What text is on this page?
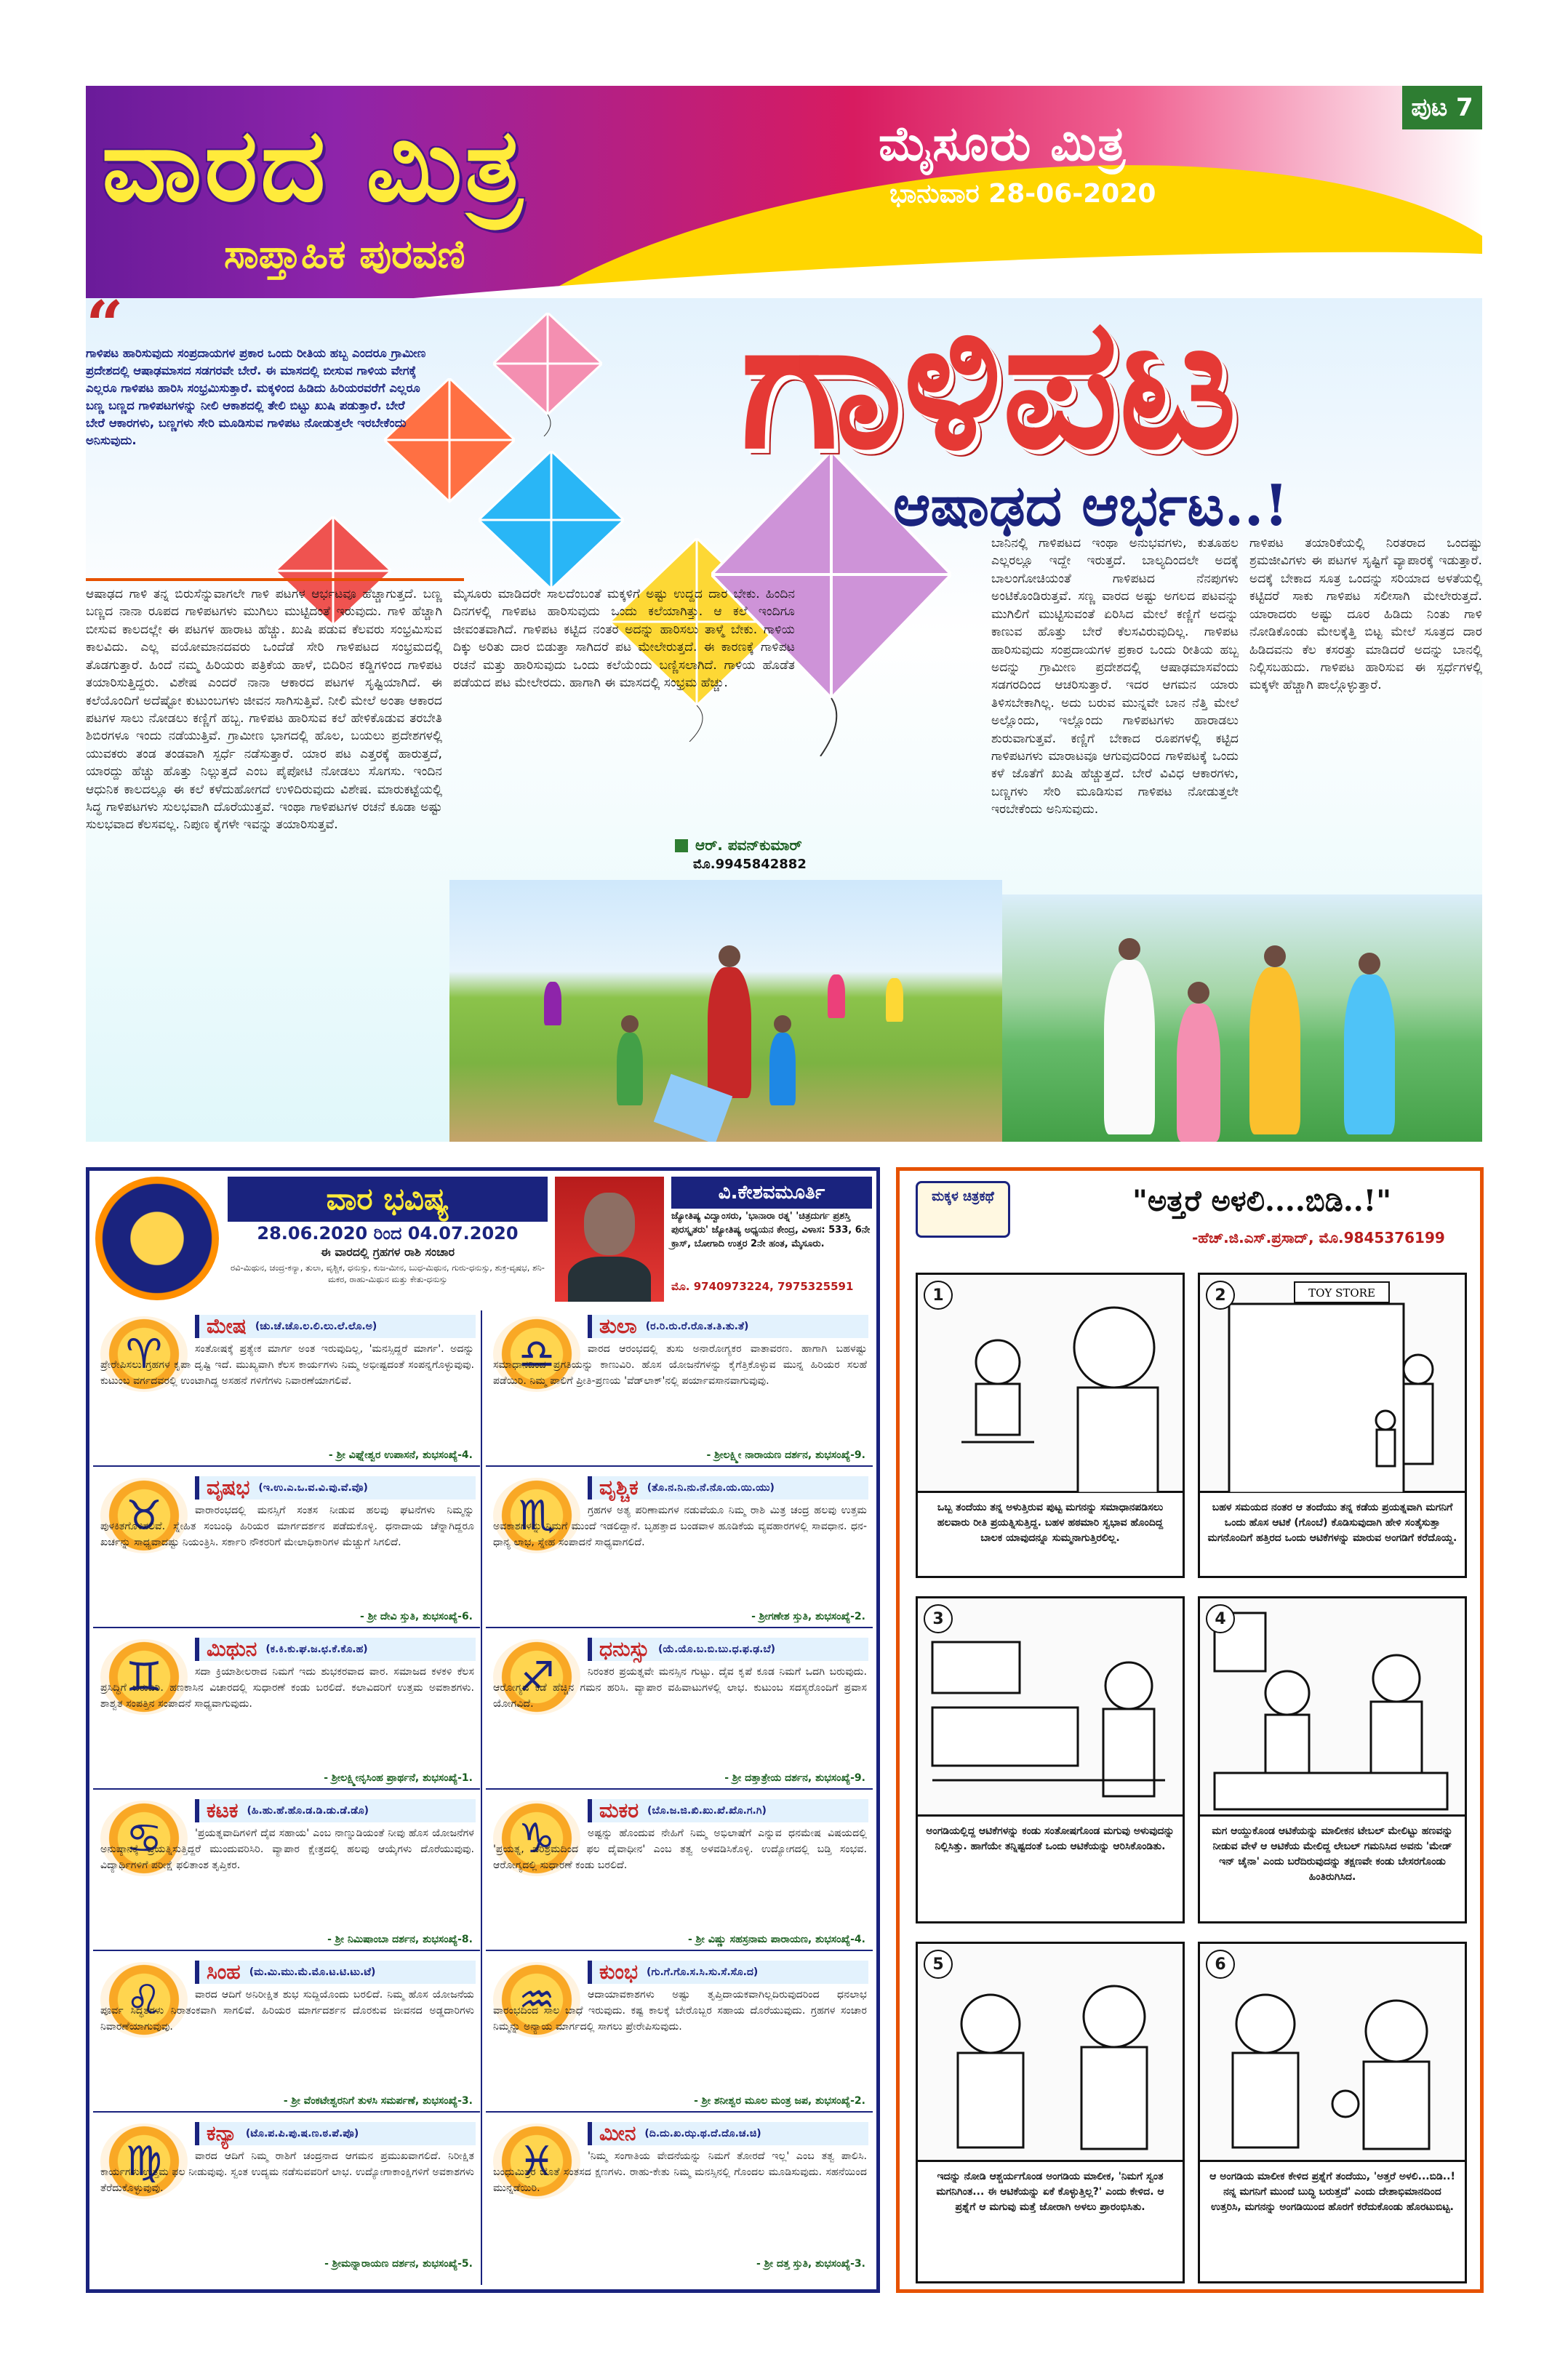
ವಾರದ ಮಿತ್ರ
ಸಾಪ್ತಾಹಿಕ ಪುರವಣಿ
ಮೈಸೂರು ಮಿತ್ರ
ಭಾನುವಾರ 28-06-2020
ಪುಟ 7
ಗಾಳಿಪಟ
ಆಷಾಢದ ಆರ್ಭಟ..!
“
ಗಾಳಿಪಟ ಹಾರಿಸುವುದು ಸಂಪ್ರದಾಯಗಳ ಪ್ರಕಾರ ಒಂದು ರೀತಿಯ ಹಬ್ಬ ಎಂದರೂ ಗ್ರಾಮೀಣ ಪ್ರದೇಶದಲ್ಲಿ ಆಷಾಢಮಾಸದ ಸಡಗರವೇ ಬೇರೆ. ಈ ಮಾಸದಲ್ಲಿ ಬೀಸುವ ಗಾಳಿಯ ವೇಗಕ್ಕೆ ಎಲ್ಲರೂ ಗಾಳಿಪಟ ಹಾರಿಸಿ ಸಂಭ್ರಮಿಸುತ್ತಾರೆ. ಮಕ್ಕಳಿಂದ ಹಿಡಿದು ಹಿರಿಯರವರೆಗೆ ಎಲ್ಲರೂ ಬಣ್ಣ ಬಣ್ಣದ ಗಾಳಿಪಟಗಳನ್ನು ನೀಲಿ ಆಕಾಶದಲ್ಲಿ ತೇಲಿ ಬಿಟ್ಟು ಖುಷಿ ಪಡುತ್ತಾರೆ. ಬೇರೆ ಬೇರೆ ಆಕಾರಗಳು, ಬಣ್ಣಗಳು ಸೇರಿ ಮೂಡಿಸುವ ಗಾಳಿಪಟ ನೋಡುತ್ತಲೇ ಇರಬೇಕೆಂದು ಅನಿಸುವುದು.
ಆಷಾಢದ ಗಾಳಿ ತನ್ನ ಬಿರುಸೆನ್ನುವಾಗಲೇ ಗಾಳಿ ಪಟಗಳ ಆರ್ಭಟವೂ ಹೆಚ್ಚಾಗುತ್ತದೆ. ಬಣ್ಣ ಬಣ್ಣದ ನಾನಾ ರೂಪದ ಗಾಳಿಪಟಗಳು ಮುಗಿಲು ಮುಟ್ಟಿದಂತೆ ಇರುವುದು. ಗಾಳಿ ಹೆಚ್ಚಾಗಿ ಬೀಸುವ ಕಾಲದಲ್ಲೇ ಈ ಪಟಗಳ ಹಾರಾಟ ಹೆಚ್ಚು. ಖುಷಿ ಪಡುವ ಕೆಲವರು ಸಂಭ್ರಮಿಸುವ ಕಾಲವಿದು. ಎಲ್ಲ ವಯೋಮಾನದವರು ಒಂದೆಡೆ ಸೇರಿ ಗಾಳಿಪಟದ ಸಂಭ್ರಮದಲ್ಲಿ ತೊಡಗುತ್ತಾರೆ. ಹಿಂದೆ ನಮ್ಮ ಹಿರಿಯರು ಪತ್ರಿಕೆಯ ಹಾಳೆ, ಬಿದಿರಿನ ಕಡ್ಡಿಗಳಿಂದ ಗಾಳಿಪಟ ತಯಾರಿಸುತ್ತಿದ್ದರು. ವಿಶೇಷ ಎಂದರೆ ನಾನಾ ಆಕಾರದ ಪಟಗಳ ಸೃಷ್ಟಿಯಾಗಿದೆ. ಈ ಕಲೆಯೊಂದಿಗೆ ಅದೆಷ್ಟೋ ಕುಟುಂಬಗಳು ಜೀವನ ಸಾಗಿಸುತ್ತಿವೆ. ನೀಲಿ ಮೇಲೆ ಅಂತಾ ಆಕಾರದ ಪಟಗಳ ಸಾಲು ನೋಡಲು ಕಣ್ಣಿಗೆ ಹಬ್ಬ. ಗಾಳಿಪಟ ಹಾರಿಸುವ ಕಲೆ ಹೇಳಿಕೊಡುವ ತರಬೇತಿ ಶಿಬಿರಗಳೂ ಇಂದು ನಡೆಯುತ್ತಿವೆ. ಗ್ರಾಮೀಣ ಭಾಗದಲ್ಲಿ ಹೊಲ, ಬಯಲು ಪ್ರದೇಶಗಳಲ್ಲಿ ಯುವಕರು ತಂಡ ತಂಡವಾಗಿ ಸ್ಪರ್ಧೆ ನಡೆಸುತ್ತಾರೆ. ಯಾರ ಪಟ ಎತ್ತರಕ್ಕೆ ಹಾರುತ್ತದೆ, ಯಾರದ್ದು ಹೆಚ್ಚು ಹೊತ್ತು ನಿಲ್ಲುತ್ತದೆ ಎಂಬ ಪೈಪೋಟಿ ನೋಡಲು ಸೊಗಸು. ಇಂದಿನ ಆಧುನಿಕ ಕಾಲದಲ್ಲೂ ಈ ಕಲೆ ಕಳೆದುಹೋಗದೆ ಉಳಿದಿರುವುದು ವಿಶೇಷ. ಮಾರುಕಟ್ಟೆಯಲ್ಲಿ ಸಿದ್ಧ ಗಾಳಿಪಟಗಳು ಸುಲಭವಾಗಿ ದೊರೆಯುತ್ತವೆ. ಇಂಥಾ ಗಾಳಿಪಟಗಳ ರಚನೆ ಕೂಡಾ ಅಷ್ಟು ಸುಲಭವಾದ ಕೆಲಸವಲ್ಲ. ನಿಪುಣ ಕೈಗಳೇ ಇವನ್ನು ತಯಾರಿಸುತ್ತವೆ.
ಮೈಸೂರು ಮಾಡಿದರೇ ಸಾಲದೆಂಬಂತೆ ಮಕ್ಕಳಿಗೆ ಅಷ್ಟು ಉದ್ದದ ದಾರ ಬೇಕು. ಹಿಂದಿನ ದಿನಗಳಲ್ಲಿ ಗಾಳಿಪಟ ಹಾರಿಸುವುದು ಒಂದು ಕಲೆಯಾಗಿತ್ತು. ಆ ಕಲೆ ಇಂದಿಗೂ ಜೀವಂತವಾಗಿದೆ. ಗಾಳಿಪಟ ಕಟ್ಟಿದ ನಂತರ ಅದನ್ನು ಹಾರಿಸಲು ತಾಳ್ಮೆ ಬೇಕು. ಗಾಳಿಯ ದಿಕ್ಕು ಅರಿತು ದಾರ ಬಿಡುತ್ತಾ ಸಾಗಿದರೆ ಪಟ ಮೇಲೇರುತ್ತದೆ. ಈ ಕಾರಣಕ್ಕೆ ಗಾಳಿಪಟ ರಚನೆ ಮತ್ತು ಹಾರಿಸುವುದು ಒಂದು ಕಲೆಯೆಂದು ಬಣ್ಣಿಸಲಾಗಿದೆ. ಗಾಳಿಯ ಹೊಡೆತ ಪಡೆಯದ ಪಟ ಮೇಲೇರದು. ಹಾಗಾಗಿ ಈ ಮಾಸದಲ್ಲಿ ಸಂಭ್ರಮ ಹೆಚ್ಚು.
ಬಾನಿನಲ್ಲಿ ಗಾಳಿಪಟದ ಇಂಥಾ ಅನುಭವಗಳು, ಕುತೂಹಲ ಎಲ್ಲರಲ್ಲೂ ಇದ್ದೇ ಇರುತ್ತದೆ. ಬಾಲ್ಯದಿಂದಲೇ ಅದಕ್ಕೆ ಬಾಲಂಗೋಚಿಯಂತೆ ಗಾಳಿಪಟದ ನೆನಪುಗಳು ಅಂಟಿಕೊಂಡಿರುತ್ತವೆ. ಸಣ್ಣ ವಾರದ ಅಷ್ಟು ಅಗಲದ ಪಟವನ್ನು ಮುಗಿಲಿಗೆ ಮುಟ್ಟಿಸುವಂತೆ ಏರಿಸಿದ ಮೇಲೆ ಕಣ್ಣಿಗೆ ಅದನ್ನು ಕಾಣುವ ಹೊತ್ತು ಬೇರೆ ಕೆಲಸವಿರುವುದಿಲ್ಲ. ಗಾಳಿಪಟ ಹಾರಿಸುವುದು ಸಂಪ್ರದಾಯಗಳ ಪ್ರಕಾರ ಒಂದು ರೀತಿಯ ಹಬ್ಬ ಅದನ್ನು ಗ್ರಾಮೀಣ ಪ್ರದೇಶದಲ್ಲಿ ಆಷಾಢಮಾಸವೆಂದು ಸಡಗರದಿಂದ ಆಚರಿಸುತ್ತಾರೆ. ಇದರ ಆಗಮನ ಯಾರು ತಿಳಿಸಬೇಕಾಗಿಲ್ಲ. ಅದು ಬರುವ ಮುನ್ನವೇ ಬಾನ ನೆತ್ತಿ ಮೇಲೆ ಅಲ್ಲೊಂದು, ಇಲ್ಲೊಂದು ಗಾಳಿಪಟಗಳು ಹಾರಾಡಲು ಶುರುವಾಗುತ್ತವೆ. ಕಣ್ಣಿಗೆ ಬೇಕಾದ ರೂಪಗಳಲ್ಲಿ ಕಟ್ಟಿದ ಗಾಳಿಪಟಗಳು ಮಾರಾಟವೂ ಆಗುವುದರಿಂದ ಗಾಳಿಪಟಕ್ಕೆ ಒಂದು ಕಳೆ ಜೊತೆಗೆ ಖುಷಿ ಹೆಚ್ಚುತ್ತದೆ. ಬೇರೆ ವಿವಿಧ ಆಕಾರಗಳು, ಬಣ್ಣಗಳು ಸೇರಿ ಮೂಡಿಸುವ ಗಾಳಿಪಟ ನೋಡುತ್ತಲೇ ಇರಬೇಕೆಂದು ಅನಿಸುವುದು.
ಗಾಳಿಪಟ ತಯಾರಿಕೆಯಲ್ಲಿ ನಿರತರಾದ ಒಂದಷ್ಟು ಶ್ರಮಜೀವಿಗಳು ಈ ಪಟಗಳ ಸೃಷ್ಟಿಗೆ ವ್ಯಾಪಾರಕ್ಕೆ ಇಡುತ್ತಾರೆ. ಅದಕ್ಕೆ ಬೇಕಾದ ಸೂತ್ರ ಒಂದನ್ನು ಸರಿಯಾದ ಅಳತೆಯಲ್ಲಿ ಕಟ್ಟಿದರೆ ಸಾಕು ಗಾಳಿಪಟ ಸಲೀಸಾಗಿ ಮೇಲೇರುತ್ತದೆ. ಯಾರಾದರು ಅಷ್ಟು ದೂರ ಹಿಡಿದು ನಿಂತು ಗಾಳಿ ನೋಡಿಕೊಂಡು ಮೇಲಕ್ಕೆತ್ತಿ ಬಿಟ್ಟ ಮೇಲೆ ಸೂತ್ರದ ದಾರ ಹಿಡಿದವನು ಕೆಲ ಕಸರತ್ತು ಮಾಡಿದರೆ ಅದನ್ನು ಬಾನಲ್ಲಿ ನಿಲ್ಲಿಸಬಹುದು. ಗಾಳಿಪಟ ಹಾರಿಸುವ ಈ ಸ್ಪರ್ಧೆಗಳಲ್ಲಿ ಮಕ್ಕಳೇ ಹೆಚ್ಚಾಗಿ ಪಾಲ್ಗೊಳ್ಳುತ್ತಾರೆ.
ಆರ್. ಪವನ್‌ಕುಮಾರ್
ಮೊ.9945842882
ವಾರ ಭವಿಷ್ಯ
28.06.2020 ರಿಂದ 04.07.2020
ಈ ವಾರದಲ್ಲಿ ಗ್ರಹಗಳ ರಾಶಿ ಸಂಚಾರ
ರವಿ-ಮಿಥುನ, ಚಂದ್ರ-ಕನ್ಯಾ, ತುಲಾ, ವೃಶ್ಚಿಕ, ಧನುಸ್ಸು, ಕುಜ-ಮೀನ, ಬುಧ-ಮಿಥುನ, ಗುರು-ಧನುಸ್ಸು, ಶುಕ್ರ-ವೃಷಭ, ಶನಿ-ಮಕರ, ರಾಹು-ಮಿಥುನ ಮತ್ತು ಕೇತು-ಧನುಸ್ಸು
ವಿ.ಕೇಶವಮೂರ್ತಿ
ಜ್ಯೋತಿಷ್ಯ ವಿದ್ವಾಂಸರು, 'ಭಾನಾರಾ ರತ್ನ' 'ಚಿತ್ರದುರ್ಗ ಪ್ರಶಸ್ತಿ ಪುರಸ್ಕೃತರು' ಜ್ಯೋತಿಷ್ಯ ಅಧ್ಯಯನ ಕೇಂದ್ರ, ವಿಳಾಸ: 533, 6ನೇ ಕ್ರಾಸ್, ಬೋಗಾದಿ ಉತ್ತರ 2ನೇ ಹಂತ, ಮೈಸೂರು.
ಮೊ. 9740973224, 7975325591
♈
ಮೇಷ (ಚು.ಚೆ.ಚೊ.ಲ.ಲಿ.ಲು.ಲೆ.ಲೊ.ಅ)
ಸಂತೋಷಕ್ಕೆ ಪ್ರತ್ಯೇಕ ಮಾರ್ಗ ಅಂತ ಇರುವುದಿಲ್ಲ, 'ಮನಸ್ಸಿದ್ದರೆ ಮಾರ್ಗ'. ಅದನ್ನು ಪ್ರೇರೇಪಿಸಲು ಗ್ರಹಗಳ ಕೃಪಾ ದೃಷ್ಟಿ ಇದೆ. ಮುಖ್ಯವಾಗಿ ಕೆಲಸ ಕಾರ್ಯಗಳು ನಿಮ್ಮ ಅಭೀಷ್ಟದಂತೆ ಸಂಪನ್ನಗೊಳ್ಳುವುವು. ಕುಟುಂಬ ವರ್ಗದವರಲ್ಲಿ ಉಂಟಾಗಿದ್ದ ಅಸಹನೆ ಗಳಿಗೆಗಳು ನಿವಾರಣೆಯಾಗಲಿವೆ.
- ಶ್ರೀ ವಿಘ್ನೇಶ್ವರ ಉಪಾಸನೆ, ಶುಭಸಂಖ್ಯೆ-4.
♎
ತುಲಾ (ರ.ರಿ.ರು.ರೆ.ರೊ.ತ.ತಿ.ತು.ತೆ)
ವಾರದ ಆರಂಭದಲ್ಲಿ ತುಸು ಅನಾರೋಗ್ಯಕರ ವಾತಾವರಣ. ಹಾಗಾಗಿ ಬಹಳಷ್ಟು ಸಮಾಧಾನದಿಂದ ಪ್ರಗತಿಯನ್ನು ಕಾಣುವಿರಿ. ಹೊಸ ಯೋಜನೆಗಳನ್ನು ಕೈಗೆತ್ತಿಕೊಳ್ಳುವ ಮುನ್ನ ಹಿರಿಯರ ಸಲಹೆ ಪಡೆಯಿರಿ. ನಿಮ್ಮ ಪಾಲಿಗೆ ಪ್ರೀತಿ-ಪ್ರಣಯ 'ವೆಡ್‌ಲಾಕ್'ನಲ್ಲಿ ಪರ್ಯಾವಸಾನವಾಗುವುವು.
- ಶ್ರೀಲಕ್ಷ್ಮೀ ನಾರಾಯಣ ದರ್ಶನ, ಶುಭಸಂಖ್ಯೆ-9.
♉
ವೃಷಭ (ಇ.ಉ.ಎ.ಒ.ವ.ವಿ.ವು.ವೆ.ವೊ)
ವಾರಾರಂಭದಲ್ಲಿ ಮನಸ್ಸಿಗೆ ಸಂತಸ ನೀಡುವ ಹಲವು ಘಟನೆಗಳು ನಿಮ್ಮನ್ನು ಪುಳಕಿತಗೊಳಿಸಲಿವೆ. ಸ್ನೇಹಿತ ಸಂಬಂಧಿ ಹಿರಿಯರ ಮಾರ್ಗದರ್ಶನ ಪಡೆದುಕೊಳ್ಳಿ. ಧನಾದಾಯ ಚೆನ್ನಾಗಿದ್ದರೂ ಖರ್ಚನ್ನು ಸಾಧ್ಯವಾದಷ್ಟು ನಿಯಂತ್ರಿಸಿ. ಸರ್ಕಾರಿ ನೌಕರರಿಗೆ ಮೇಲಾಧಿಕಾರಿಗಳ ಮೆಚ್ಚುಗೆ ಸಿಗಲಿದೆ.
- ಶ್ರೀ ದೇವಿ ಸ್ತುತಿ, ಶುಭಸಂಖ್ಯೆ-6.
♏
ವೃಶ್ಚಿಕ (ತೊ.ನ.ನಿ.ನು.ನೆ.ನೊ.ಯ.ಯಿ.ಯು)
ಗ್ರಹಗಳ ಅತ್ಯ ಪರಿಣಾಮಗಳ ನಡುವೆಯೂ ನಿಮ್ಮ ರಾಶಿ ಮಿತ್ರ ಚಂದ್ರ ಹಲವು ಉತ್ತಮ ಅವಕಾಶಗಳನ್ನು ನಿಮಗೆ ಮುಂದೆ ಇಡಲಿದ್ದಾನೆ. ಬೃಹತ್ತಾದ ಬಂಡವಾಳ ಹೂಡಿಕೆಯ ವ್ಯವಹಾರಗಳಲ್ಲಿ ಸಾವಧಾನ. ಧನ-ಧಾನ್ಯ ಲಾಭ, ಸ್ನೇಹ ಸಂಪಾದನೆ ಸಾಧ್ಯವಾಗಲಿದೆ.
- ಶ್ರೀಗಣೇಶ ಸ್ತುತಿ, ಶುಭಸಂಖ್ಯೆ-2.
♊
ಮಿಥುನ (ಕ.ಕಿ.ಕು.ಘ.ಜ.ಛ.ಕೆ.ಕೊ.ಹ)
ಸದಾ ಕ್ರಿಯಾಶೀಲರಾದ ನಿಮಗೆ ಇದು ಶುಭಕರವಾದ ವಾರ. ಸಮಾಜದ ಕಳಕಳಿ ಕೆಲಸ ಪ್ರಸಿದ್ಧಿಗೆ ಬರುವಿರಿ. ಹಣಕಾಸಿನ ವಿಚಾರದಲ್ಲಿ ಸುಧಾರಣೆ ಕಂಡು ಬರಲಿದೆ. ಕಲಾವಿದರಿಗೆ ಉತ್ತಮ ಅವಕಾಶಗಳು. ಶಾಶ್ವತ ಸಂಪತ್ತಿನ ಸಂಪಾದನೆ ಸಾಧ್ಯವಾಗುವುದು.
- ಶ್ರೀಲಕ್ಷ್ಮೀನೃಸಿಂಹ ಪ್ರಾರ್ಥನೆ, ಶುಭಸಂಖ್ಯೆ-1.
♐
ಧನುಸ್ಸು (ಯೆ.ಯೊ.ಬ.ಬಿ.ಬು.ಧ.ಫ.ಢ.ಬೆ)
ನಿರಂತರ ಪ್ರಯತ್ನವೇ ಮನಸ್ಸಿನ ಗುಟ್ಟು. ದೈವ ಕೃಪೆ ಕೂಡ ನಿಮಗೆ ಒದಗಿ ಬರುವುದು. ಆರೋಗ್ಯದ ಕಡೆ ಹೆಚ್ಚಿನ ಗಮನ ಹರಿಸಿ. ವ್ಯಾಪಾರ ವಹಿವಾಟುಗಳಲ್ಲಿ ಲಾಭ. ಕುಟುಂಬ ಸದಸ್ಯರೊಂದಿಗೆ ಪ್ರವಾಸ ಯೋಗವಿದೆ.
- ಶ್ರೀ ದತ್ತಾತ್ರೇಯ ದರ್ಶನ, ಶುಭಸಂಖ್ಯೆ-9.
♋
ಕಟಕ (ಹಿ.ಹು.ಹೆ.ಹೊ.ಡ.ಡಿ.ಡು.ಡೆ.ಡೊ)
'ಪ್ರಯತ್ನವಾದಿಗಳಿಗೆ ದೈವ ಸಹಾಯ' ಎಂಬ ನಾಣ್ನುಡಿಯಂತೆ ನೀವು ಹೊಸ ಯೋಜನೆಗಳ ಅನುಷ್ಠಾನಕ್ಕೆ ಪ್ರಯತ್ನಿಸುತ್ತಿದ್ದರೆ ಮುಂದುವರಿಸಿರಿ. ವ್ಯಾಪಾರ ಕ್ಷೇತ್ರದಲ್ಲಿ ಹಲವು ಆಯ್ಕೆಗಳು ದೊರೆಯುವುವು. ವಿದ್ಯಾರ್ಥಿಗಳಿಗೆ ಪರೀಕ್ಷೆ ಫಲಿತಾಂಶ ತೃಪ್ತಿಕರ.
- ಶ್ರೀ ನಿಮಿಷಾಂಬಾ ದರ್ಶನ, ಶುಭಸಂಖ್ಯೆ-8.
♑
ಮಕರ (ಬೊ.ಜ.ಜಿ.ಖಿ.ಖು.ಖೆ.ಖೊ.ಗ.ಗಿ)
ಅಷ್ಟನ್ನು ಹೊಂದುವ ನೇಹಿಗೆ ನಿಮ್ಮ ಅಭಿಲಾಷೆಗೆ ಎನ್ನುವ ಧನಮೇಷ ವಿಷಯದಲ್ಲಿ 'ಪ್ರಯತ್ನ, ಪರಿಶ್ರಮದಿಂದ ಫಲ ದೈವಾಧೀನ' ಎಂಬ ತತ್ವ ಅಳವಡಿಸಿಕೊಳ್ಳಿ. ಉದ್ಯೋಗದಲ್ಲಿ ಬಡ್ತಿ ಸಂಭವ. ಆರೋಗ್ಯದಲ್ಲಿ ಸುಧಾರಣೆ ಕಂಡು ಬರಲಿದೆ.
- ಶ್ರೀ ವಿಷ್ಣು ಸಹಸ್ರನಾಮ ಪಾರಾಯಣ, ಶುಭಸಂಖ್ಯೆ-4.
♌
ಸಿಂಹ (ಮ.ಮಿ.ಮು.ಮೆ.ಮೊ.ಟ.ಟಿ.ಟು.ಟೆ)
ವಾರದ ಆದಿಗೆ ಅನಿರೀಕ್ಷಿತ ಶುಭ ಸುದ್ದಿಯೊಂದು ಬರಲಿದೆ. ನಿಮ್ಮ ಹೊಸ ಯೋಜನೆಯ ಪೂರ್ವ ಸಿದ್ಧತೆಗಳು ನಿರಾತಂಕವಾಗಿ ಸಾಗಲಿವೆ. ಹಿರಿಯರ ಮಾರ್ಗದರ್ಶನ ದೊರಕುವ ಜೀವನದ ಅಡ್ಡದಾರಿಗಳು ನಿವಾರಣೆಯಾಗುವುವು.
- ಶ್ರೀ ವೆಂಕಟೇಶ್ವರನಿಗೆ ತುಳಸಿ ಸಮರ್ಪಣೆ, ಶುಭಸಂಖ್ಯೆ-3.
♒
ಕುಂಭ (ಗು.ಗೆ.ಗೊ.ಸ.ಸಿ.ಸು.ಸೆ.ಸೊ.ದ)
ಆದಾಯಾವಕಾಶಗಳು ಅಷ್ಟು ತೃಪ್ತಿದಾಯಕವಾಗಿಲ್ಲದಿರುವುದರಿಂದ ಧನಲಾಭ ವಾರಂಭದಿಂದ ಸಾಲ ಬಾಧೆ ಇರುವುದು. ಕಷ್ಟ ಕಾಲಕ್ಕೆ ಬೇರೊಬ್ಬರ ಸಹಾಯ ದೊರೆಯುವುದು. ಗ್ರಹಗಳ ಸಂಚಾರ ನಿಮ್ಮನ್ನು ಅನ್ಯಾಯ ಮಾರ್ಗದಲ್ಲಿ ಸಾಗಲು ಪ್ರೇರೇಪಿಸುವುದು.
- ಶ್ರೀ ಶನೀಶ್ವರ ಮೂಲ ಮಂತ್ರ ಜಪ, ಶುಭಸಂಖ್ಯೆ-2.
♍
ಕನ್ಯಾ (ಟೊ.ಪ.ಪಿ.ಪು.ಷ.ಣ.ಠ.ಪೆ.ಪೊ)
ವಾರದ ಆದಿಗೆ ನಿಮ್ಮ ರಾಶಿಗೆ ಚಂದ್ರನಾದ ಆಗಮನ ಪ್ರಮುಖವಾಗಲಿದೆ. ನಿರೀಕ್ಷಿತ ಕಾರ್ಯಗಳು ಉತ್ತಮ ಫಲ ನೀಡುವುವು. ಸ್ವಂತ ಉದ್ಯಮ ನಡೆಸುವವರಿಗೆ ಲಾಭ. ಉದ್ಯೋಗಾಕಾಂಕ್ಷಿಗಳಿಗೆ ಅವಕಾಶಗಳು ತೆರೆದುಕೊಳ್ಳುವುವು.
- ಶ್ರೀಮನ್ನಾರಾಯಣ ದರ್ಶನ, ಶುಭಸಂಖ್ಯೆ-5.
♓
ಮೀನ (ದಿ.ದು.ಖ.ಝ.ಥ.ದೆ.ದೊ.ಚ.ಚಿ)
'ನಿಮ್ಮ ಸಂಗಾತಿಯ ವೇದನೆಯನ್ನು ನಿಮಗೆ ತೋರದೆ ಇಲ್ಲ' ಎಂಬ ತತ್ವ ಪಾಲಿಸಿ. ಬಂಧುಮಿತ್ರರ ಜೊತೆ ಸಂತಸದ ಕ್ಷಣಗಳು. ರಾಹು-ಕೇತು ನಿಮ್ಮ ಮನಸ್ಸಿನಲ್ಲಿ ಗೊಂದಲ ಮೂಡಿಸುವುದು. ಸಹನೆಯಿಂದ ಮುನ್ನಡೆಯಿರಿ.
- ಶ್ರೀ ದತ್ತ ಸ್ತುತಿ, ಶುಭಸಂಖ್ಯೆ-3.
ಮಕ್ಕಳ ಚಿತ್ರಕಥೆ	"ಅತ್ತರೆ ಅಳಲಿ....ಬಿಡಿ..!"
-ಹೆಚ್.ಜಿ.ಎಸ್.ಪ್ರಸಾದ್, ಮೊ.9845376199
1
ಒಬ್ಬ ತಂದೆಯು ತನ್ನ ಅಳುತ್ತಿರುವ ಪುಟ್ಟ ಮಗನನ್ನು ಸಮಾಧಾನಪಡಿಸಲು ಹಲವಾರು ರೀತಿ ಪ್ರಯತ್ನಿಸುತ್ತಿದ್ದ. ಬಹಳ ಹಠಮಾರಿ ಸ್ವಭಾವ ಹೊಂದಿದ್ದ ಬಾಲಕ ಯಾವುದನ್ನೂ ಸುಮ್ಮನಾಗುತ್ತಿರಲಿಲ್ಲ.
TOY STORE
2
ಬಹಳ ಸಮಯದ ನಂತರ ಆ ತಂದೆಯು ತನ್ನ ಕಡೆಯ ಪ್ರಯತ್ನವಾಗಿ ಮಗನಿಗೆ ಒಂದು ಹೊಸ ಆಟಿಕೆ (ಗೊಂಬೆ) ಕೊಡಿಸುವುದಾಗಿ ಹೇಳಿ ಸಂತೈಸುತ್ತಾ ಮಗನೊಂದಿಗೆ ಹತ್ತಿರದ ಒಂದು ಆಟಿಕೆಗಳನ್ನು ಮಾರುವ ಅಂಗಡಿಗೆ ಕರೆದೊಯ್ದ.
3
ಅಂಗಡಿಯಲ್ಲಿದ್ದ ಆಟಿಕೆಗಳನ್ನು ಕಂಡು ಸಂತೋಷಗೊಂಡ ಮಗುವು ಅಳುವುದನ್ನು ನಿಲ್ಲಿಸಿತ್ತು. ಹಾಗೆಯೇ ತನ್ನಿಷ್ಟದಂತೆ ಒಂದು ಆಟಿಕೆಯನ್ನು ಆರಿಸಿಕೊಂಡಿತು.
4
ಮಗ ಆಯ್ದುಕೊಂಡ ಆಟಿಕೆಯನ್ನು ಮಾಲೀಕನ ಟೇಬಲ್ ಮೇಲಿಟ್ಟು ಹಣವನ್ನು ನೀಡುವ ವೇಳೆ ಆ ಆಟಿಕೆಯ ಮೇಲಿದ್ದ ಲೇಬಲ್ ಗಮನಿಸಿದ ಅವನು 'ಮೇಡ್ ಇನ್ ಚೈನಾ' ಎಂದು ಬರೆದಿರುವುದನ್ನು ತಕ್ಷಣವೇ ಕಂಡು ಬೇಸರಗೊಂಡು ಹಿಂತಿರುಗಿಸಿದ.
5
ಇದನ್ನು ನೋಡಿ ಆಶ್ಚರ್ಯಗೊಂಡ ಅಂಗಡಿಯ ಮಾಲೀಕ, 'ನಿಮಗೆ ಸ್ವಂತ ಮಗನಿಗಿಂತ... ಈ ಆಟಿಕೆಯನ್ನು ಏಕೆ ಕೊಳ್ಳುತ್ತಿಲ್ಲ?' ಎಂದು ಕೇಳಿದ. ಆ ಪ್ರಶ್ನೆಗೆ ಆ ಮಗುವು ಮತ್ತೆ ಜೋರಾಗಿ ಅಳಲು ಪ್ರಾರಂಭಿಸಿತು.
6
ಆ ಅಂಗಡಿಯ ಮಾಲೀಕ ಕೇಳಿದ ಪ್ರಶ್ನೆಗೆ ತಂದೆಯು, 'ಅತ್ತರೆ ಅಳಲಿ...ಬಿಡಿ..! ನನ್ನ ಮಗನಿಗೆ ಮುಂದೆ ಬುದ್ಧಿ ಬರುತ್ತದೆ' ಎಂದು ದೇಶಾಭಿಮಾನದಿಂದ ಉತ್ತರಿಸಿ, ಮಗನನ್ನು ಅಂಗಡಿಯಿಂದ ಹೊರಗೆ ಕರೆದುಕೊಂಡು ಹೊರಟುಬಿಟ್ಟ.
